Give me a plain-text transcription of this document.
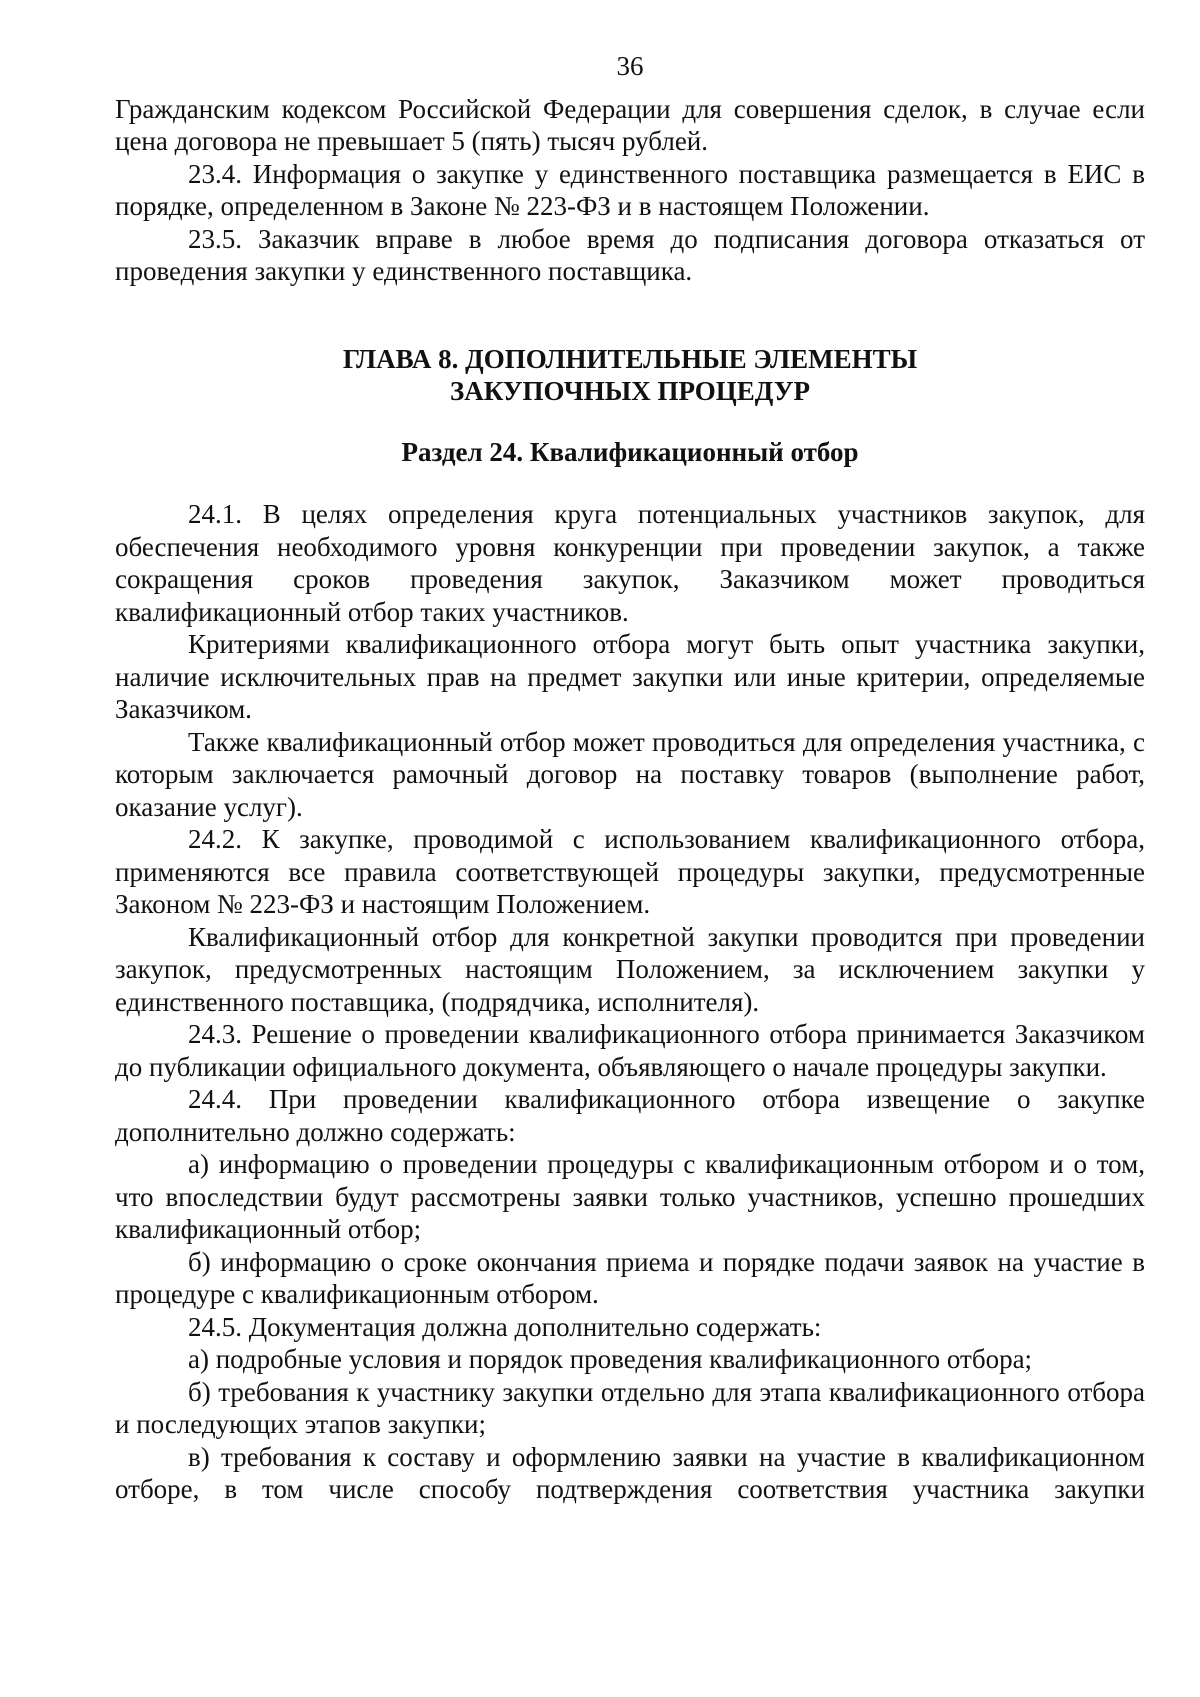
36

Гражданским кодексом Российской Федерации для совершения сделок, в случае если цена договора не превышает 5 (пять) тысяч рублей.

23.4. Информация о закупке у единственного поставщика размещается в ЕИС в порядке, определенном в Законе № 223-ФЗ и в настоящем Положении.

23.5. Заказчик вправе в любое время до подписания договора отказаться от проведения закупки у единственного поставщика.

ГЛАВА 8. ДОПОЛНИТЕЛЬНЫЕ ЭЛЕМЕНТЫ
ЗАКУПОЧНЫХ ПРОЦЕДУР
Раздел 24. Квалификационный отбор

24.1. В целях определения круга потенциальных участников закупок, для обеспечения необходимого уровня конкуренции при проведении закупок, а также сокращения сроков проведения закупок, Заказчиком может проводиться квалификационный отбор таких участников.

Критериями квалификационного отбора могут быть опыт участника закупки, наличие исключительных прав на предмет закупки или иные критерии, определяемые Заказчиком.

Также квалификационный отбор может проводиться для определения участника, с которым заключается рамочный договор на поставку товаров (выполнение работ, оказание услуг).

24.2. К закупке, проводимой с использованием квалификационного отбора, применяются все правила соответствующей процедуры закупки, предусмотренные Законом № 223-ФЗ и настоящим Положением.

Квалификационный отбор для конкретной закупки проводится при проведении закупок, предусмотренных настоящим Положением, за исключением закупки у единственного поставщика, (подрядчика, исполнителя).

24.3. Решение о проведении квалификационного отбора принимается Заказчиком до публикации официального документа, объявляющего о начале процедуры закупки.

24.4. При проведении квалификационного отбора извещение о закупке дополнительно должно содержать:

а) информацию о проведении процедуры с квалификационным отбором и о том, что впоследствии будут рассмотрены заявки только участников, успешно прошедших квалификационный отбор;

б) информацию о сроке окончания приема и порядке подачи заявок на участие в процедуре с квалификационным отбором.

24.5. Документация должна дополнительно содержать:

а) подробные условия и порядок проведения квалификационного отбора;

б) требования к участнику закупки отдельно для этапа квалификационного отбора и последующих этапов закупки;

в) требования к составу и оформлению заявки на участие в квалификационном отборе, в том числе способу подтверждения соответствия участника закупки
